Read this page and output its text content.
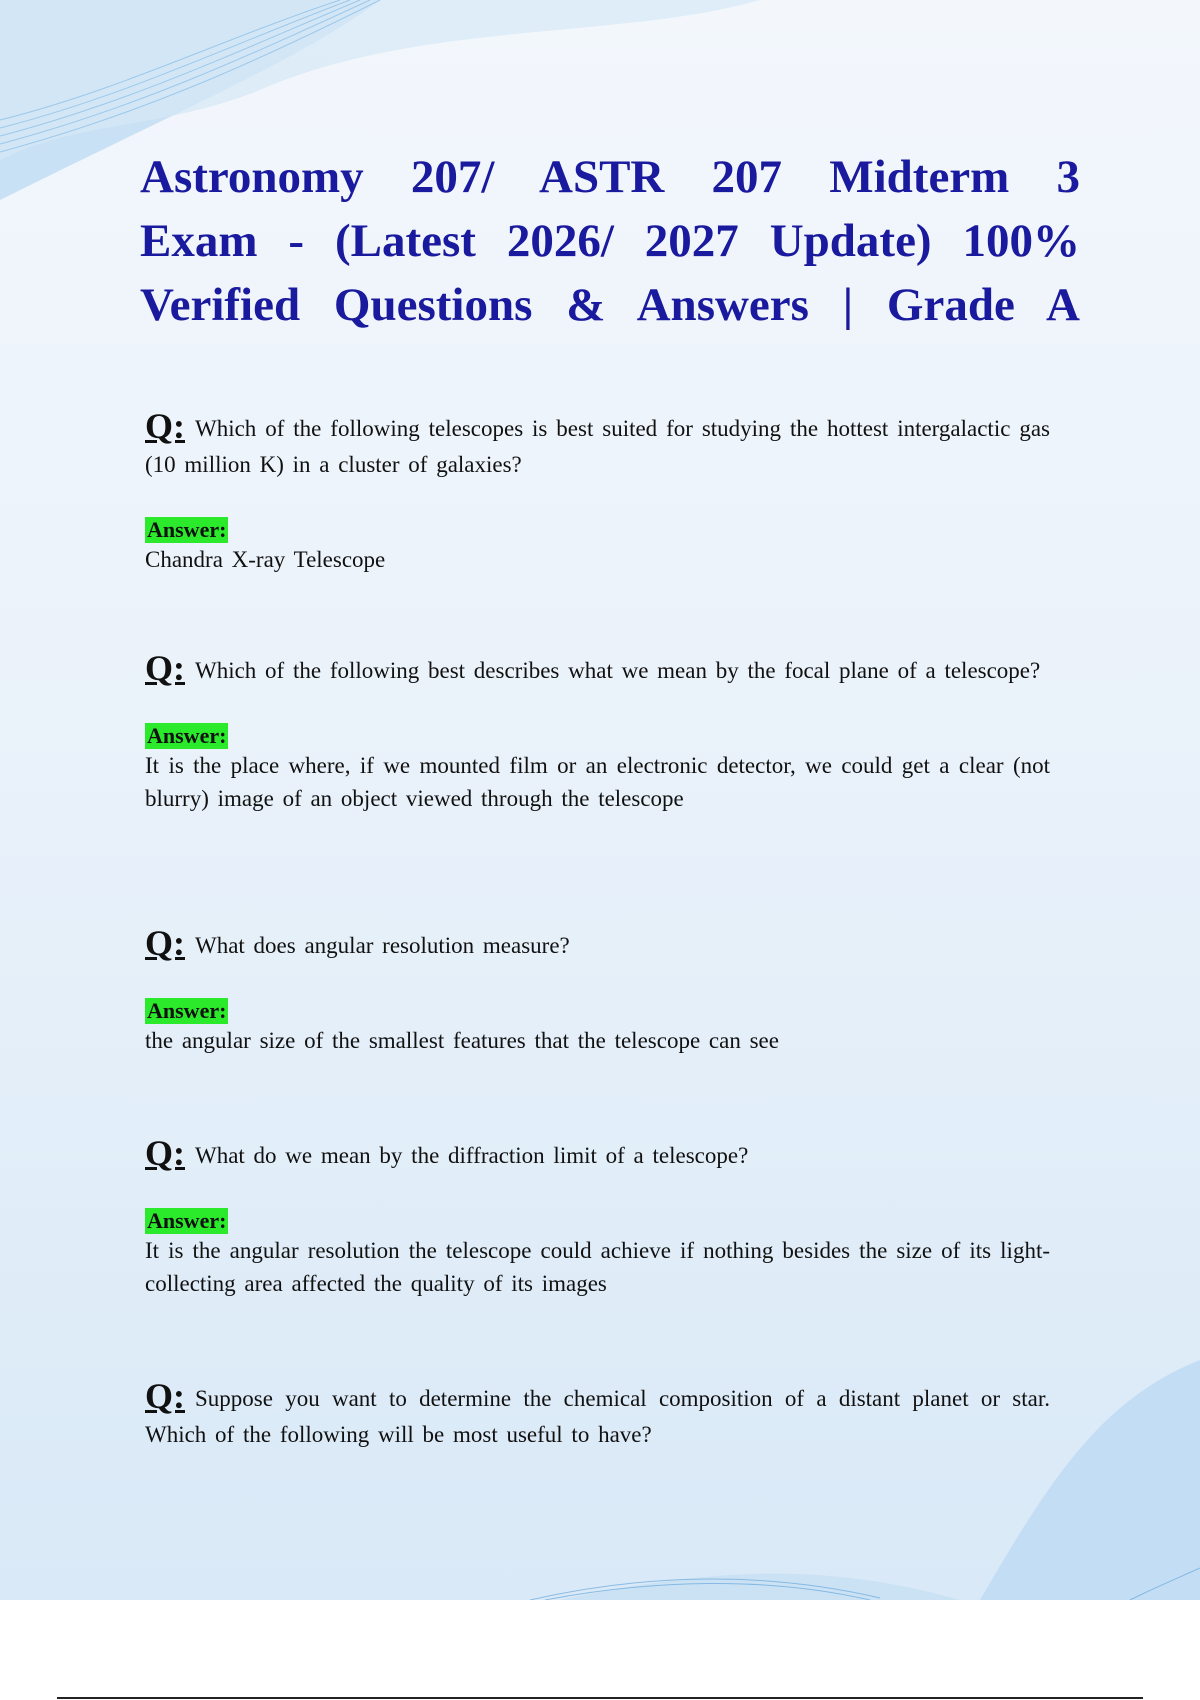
Astronomy 207/ ASTR 207 Midterm 3
Exam - (Latest 2026/ 2027 Update) 100%
Verified Questions & Answers | Grade A

Q: Which of the following telescopes is best suited for studying the hottest intergalactic gas (10 million K) in a cluster of galaxies?

Answer:

Chandra X-ray Telescope

Q: Which of the following best describes what we mean by the focal plane of a telescope?

Answer:

It is the place where, if we mounted film or an electronic detector, we could get a clear (not blurry) image of an object viewed through the telescope

Q: What does angular resolution measure?

Answer:

the angular size of the smallest features that the telescope can see

Q: What do we mean by the diffraction limit of a telescope?

Answer:

It is the angular resolution the telescope could achieve if nothing besides the size of its light-collecting area affected the quality of its images

Q: Suppose you want to determine the chemical composition of a distant planet or star. Which of the following will be most useful to have?
